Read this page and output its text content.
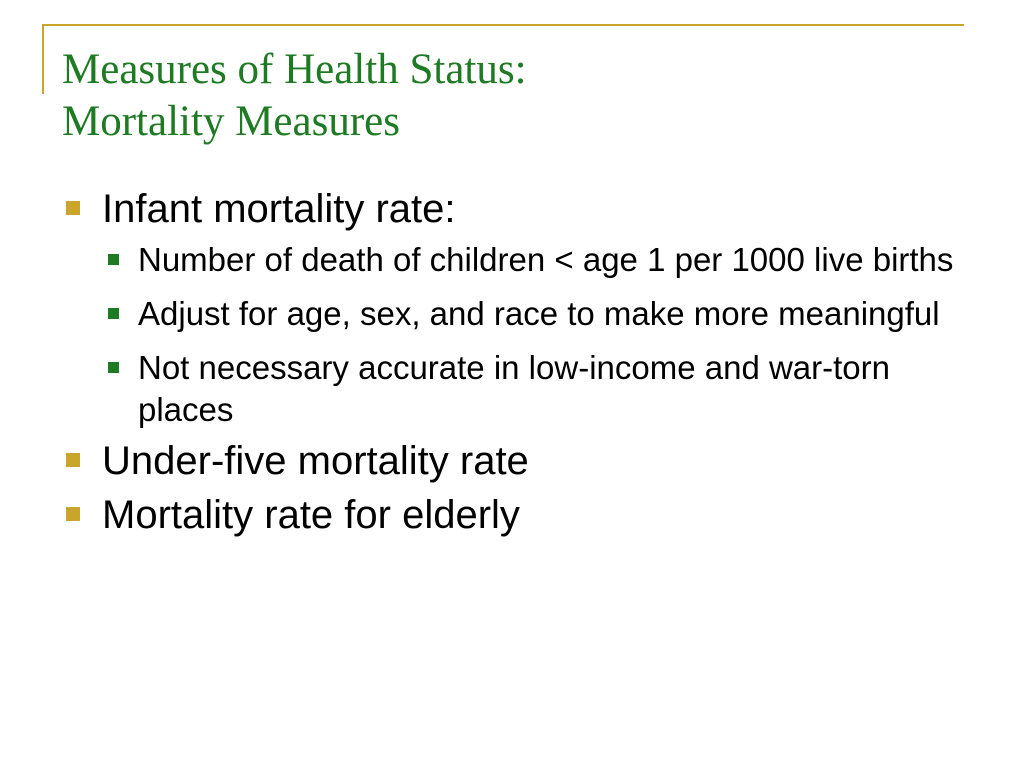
Measures of Health Status:
Mortality Measures
Infant mortality rate:
Number of death of children < age 1 per 1000 live births
Adjust for age, sex, and race to make more meaningful
Not necessary accurate in low-income and war-torn places
Under-five mortality rate
Mortality rate for elderly
